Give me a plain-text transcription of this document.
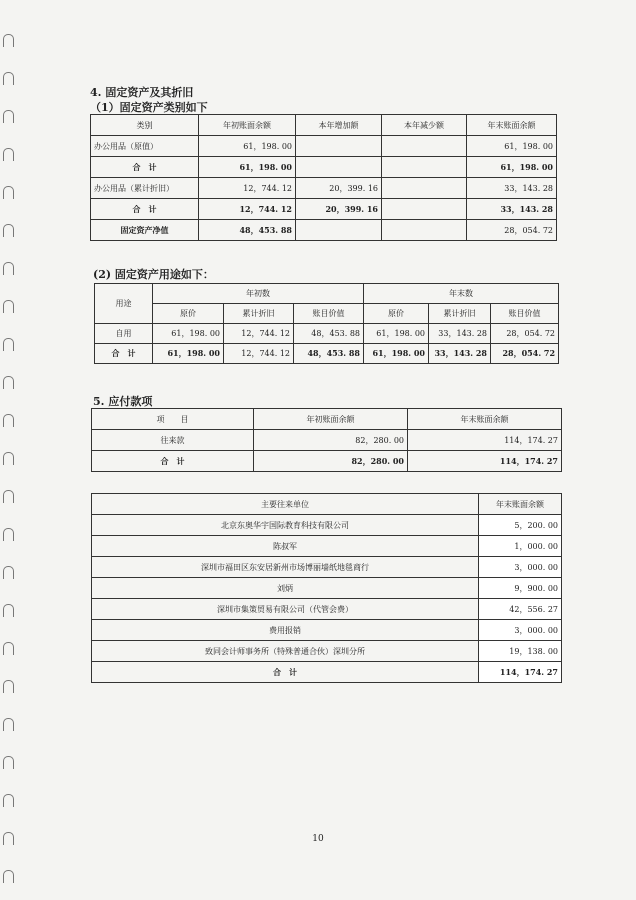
4. 固定资产及其折旧
（1）固定资产类别如下
类别	年初账面余额	本年增加额	本年减少额	年末账面余额
办公用品（原值）	61，198. 00			61，198. 00
合　计	61，198. 00			61，198. 00
办公用品（累计折旧）	12，744. 12	20，399. 16		33，143. 28
合　计	12，744. 12	20，399. 16		33，143. 28
固定资产净值	48，453. 88			28，054. 72
(2) 固定资产用途如下：
用途	年初数			年末数		
	原价	累计折旧	账目价值	原价	累计折旧	账目价值
自用	61，198. 00	12，744. 12	48，453. 88	61，198. 00	33，143. 28	28，054. 72
合　计	61，198. 00	12，744. 12	48，453. 88	61，198. 00	33，143. 28	28，054. 72
5. 应付款项
项　　目	年初账面余额	年末账面余额
往来款	82，280. 00	114，174. 27
合　计	82，280. 00	114，174. 27
主要往来单位	年末账面余额
北京东奥华宇国际教育科技有限公司	5，200. 00
陈叔军	1，000. 00
深圳市福田区东安居新州市场博丽墙纸地毯商行	3，000. 00
刘炳	9，900. 00
深圳市集策贸易有限公司（代管会费）	42，556. 27
费用报销	3，000. 00
致同会计师事务所（特殊普通合伙）深圳分所	19，138. 00
合　计	114，174. 27
10
